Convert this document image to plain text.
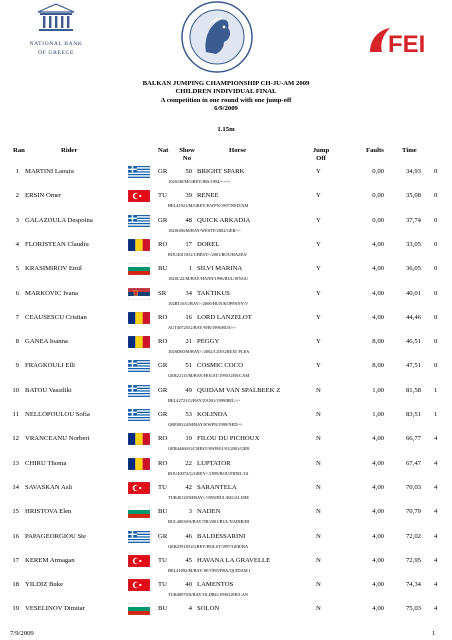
NATIONAL BANK
OF GREECE	FEI
BALKAN JUMPING CHAMPIONSHIP CH-JU-AM 2009
CHILDREN INDIVIDUAL FINAL
A competition in one round with one jump-off
6/9/2009
1.15m
Ran	Rider	Nat	Show
No
Horse	Jump
Off
Faults	Time
1 MARTINI Laoura	GR	50 BRIGHT SPARK	Y	0,00	34,93 0
102SJ40/M/GREY/IRS/1994/---/-/-
2 ERSIN Omer	TU	39 RENEE	Y	0,00	35,08 0
BEL41921/M/GREY/KWPN/1997/NED/AM
3 GALAZOULA Despoina	GR	48 QUICK ARKADIA	Y	0,00	37,74 0
102SG86/M/BAY/WESTF/2002/GER/-/-
4 FLORISTEAN Claudiu	RO	17 DOREL	Y	4,00	33,05 0
ROU40110/G/CHEST/-/2001/ROU/RAZES/
5 KRASIMIROV Emil	BU	1 SILVI MARINA	Y	4,00	36,05 0
102SC22/M/BAY/HANN/1996/BUL/SINGU
6 MARKOVIC Ivana	SR	34 TAKTIKUS	Y	4,00	40,01 0
102RT16/G/BAY/-/2000/HUN/KOPPANY/V
7 CEAUSESCU Cristian	RO	16 LORD LANZELOT	Y	4,00	44,46 0
AUT40725/G/BAY/WB/1996/RUS/-/-
8 GANEA Ioanna	RO	21 PEGGY	Y	8,00	46,51 0
102SD60/M/BAY/-/2002/CZE/GREAT PLEA
9 FRAGKOULI Elli	GR	51 COSMIC COCO	Y	8,00	47,51 0
GER21115/M/BAY/HOLST/1995/GER/CAM
10 BATOU Vassiliki	GR	49 QUIDAM VAN SPALBEEK Z	N	1,00	81,58 1
BEL42721/G/BAY/ZANG/1999/BEL/-/-
11 NELLOPOULOU Sofia	GR	53 KOLINDA	N	1,00	83,51 1
GRE00324/M/BAY/KWPN/1999/NED/-/-
12 VRANCEANU Norbert	RO	19 FILOU DU PICHOUX	N	4,00	66,77 4
GER44460/G/CHEST/SWB/01/01/2001/GER
13 CHIRU Thoma	RO	22 LUPTATOR	N	4,00	67,47 4
ROU40072/G/GREY/-/1999/ROU/FIDEL/GI
14 SAVASKAN Asli	TU	42 SARANTELA	N	4,00	70,03 4
TUR40120/M/BAY/-/1999/BUL/KIGALI/HE
15 HRISTOVA Elen	BU	3 NADEN	N	4,00	70,79 4
BUL40030/S/BAY/TB/2001/BUL/NADIR/DI
16 PAPAGEORGIOU Ste	GR	46 BALDESSARINI	N	4,00	72,02 4
GER25918/G/GREY/HOLST/1997/GER/BA
17 KEREM Armagan	TU	45 HAVANA LA GRAVELLE	N	4,00	72,95 4
BEL41692/M/BAY/SF/1995/FRA/QUIDAM I
18 YILDIZ Buke	TU	40 LAMENTOS	N	4,00	74,34 4
TUR40070/S/BAY/OLDBG/1996/GER/LAN
19 VESELINOV Dimitar	BU	4 SOLON	N	4,00	75,03 4
7/9/2009	1
